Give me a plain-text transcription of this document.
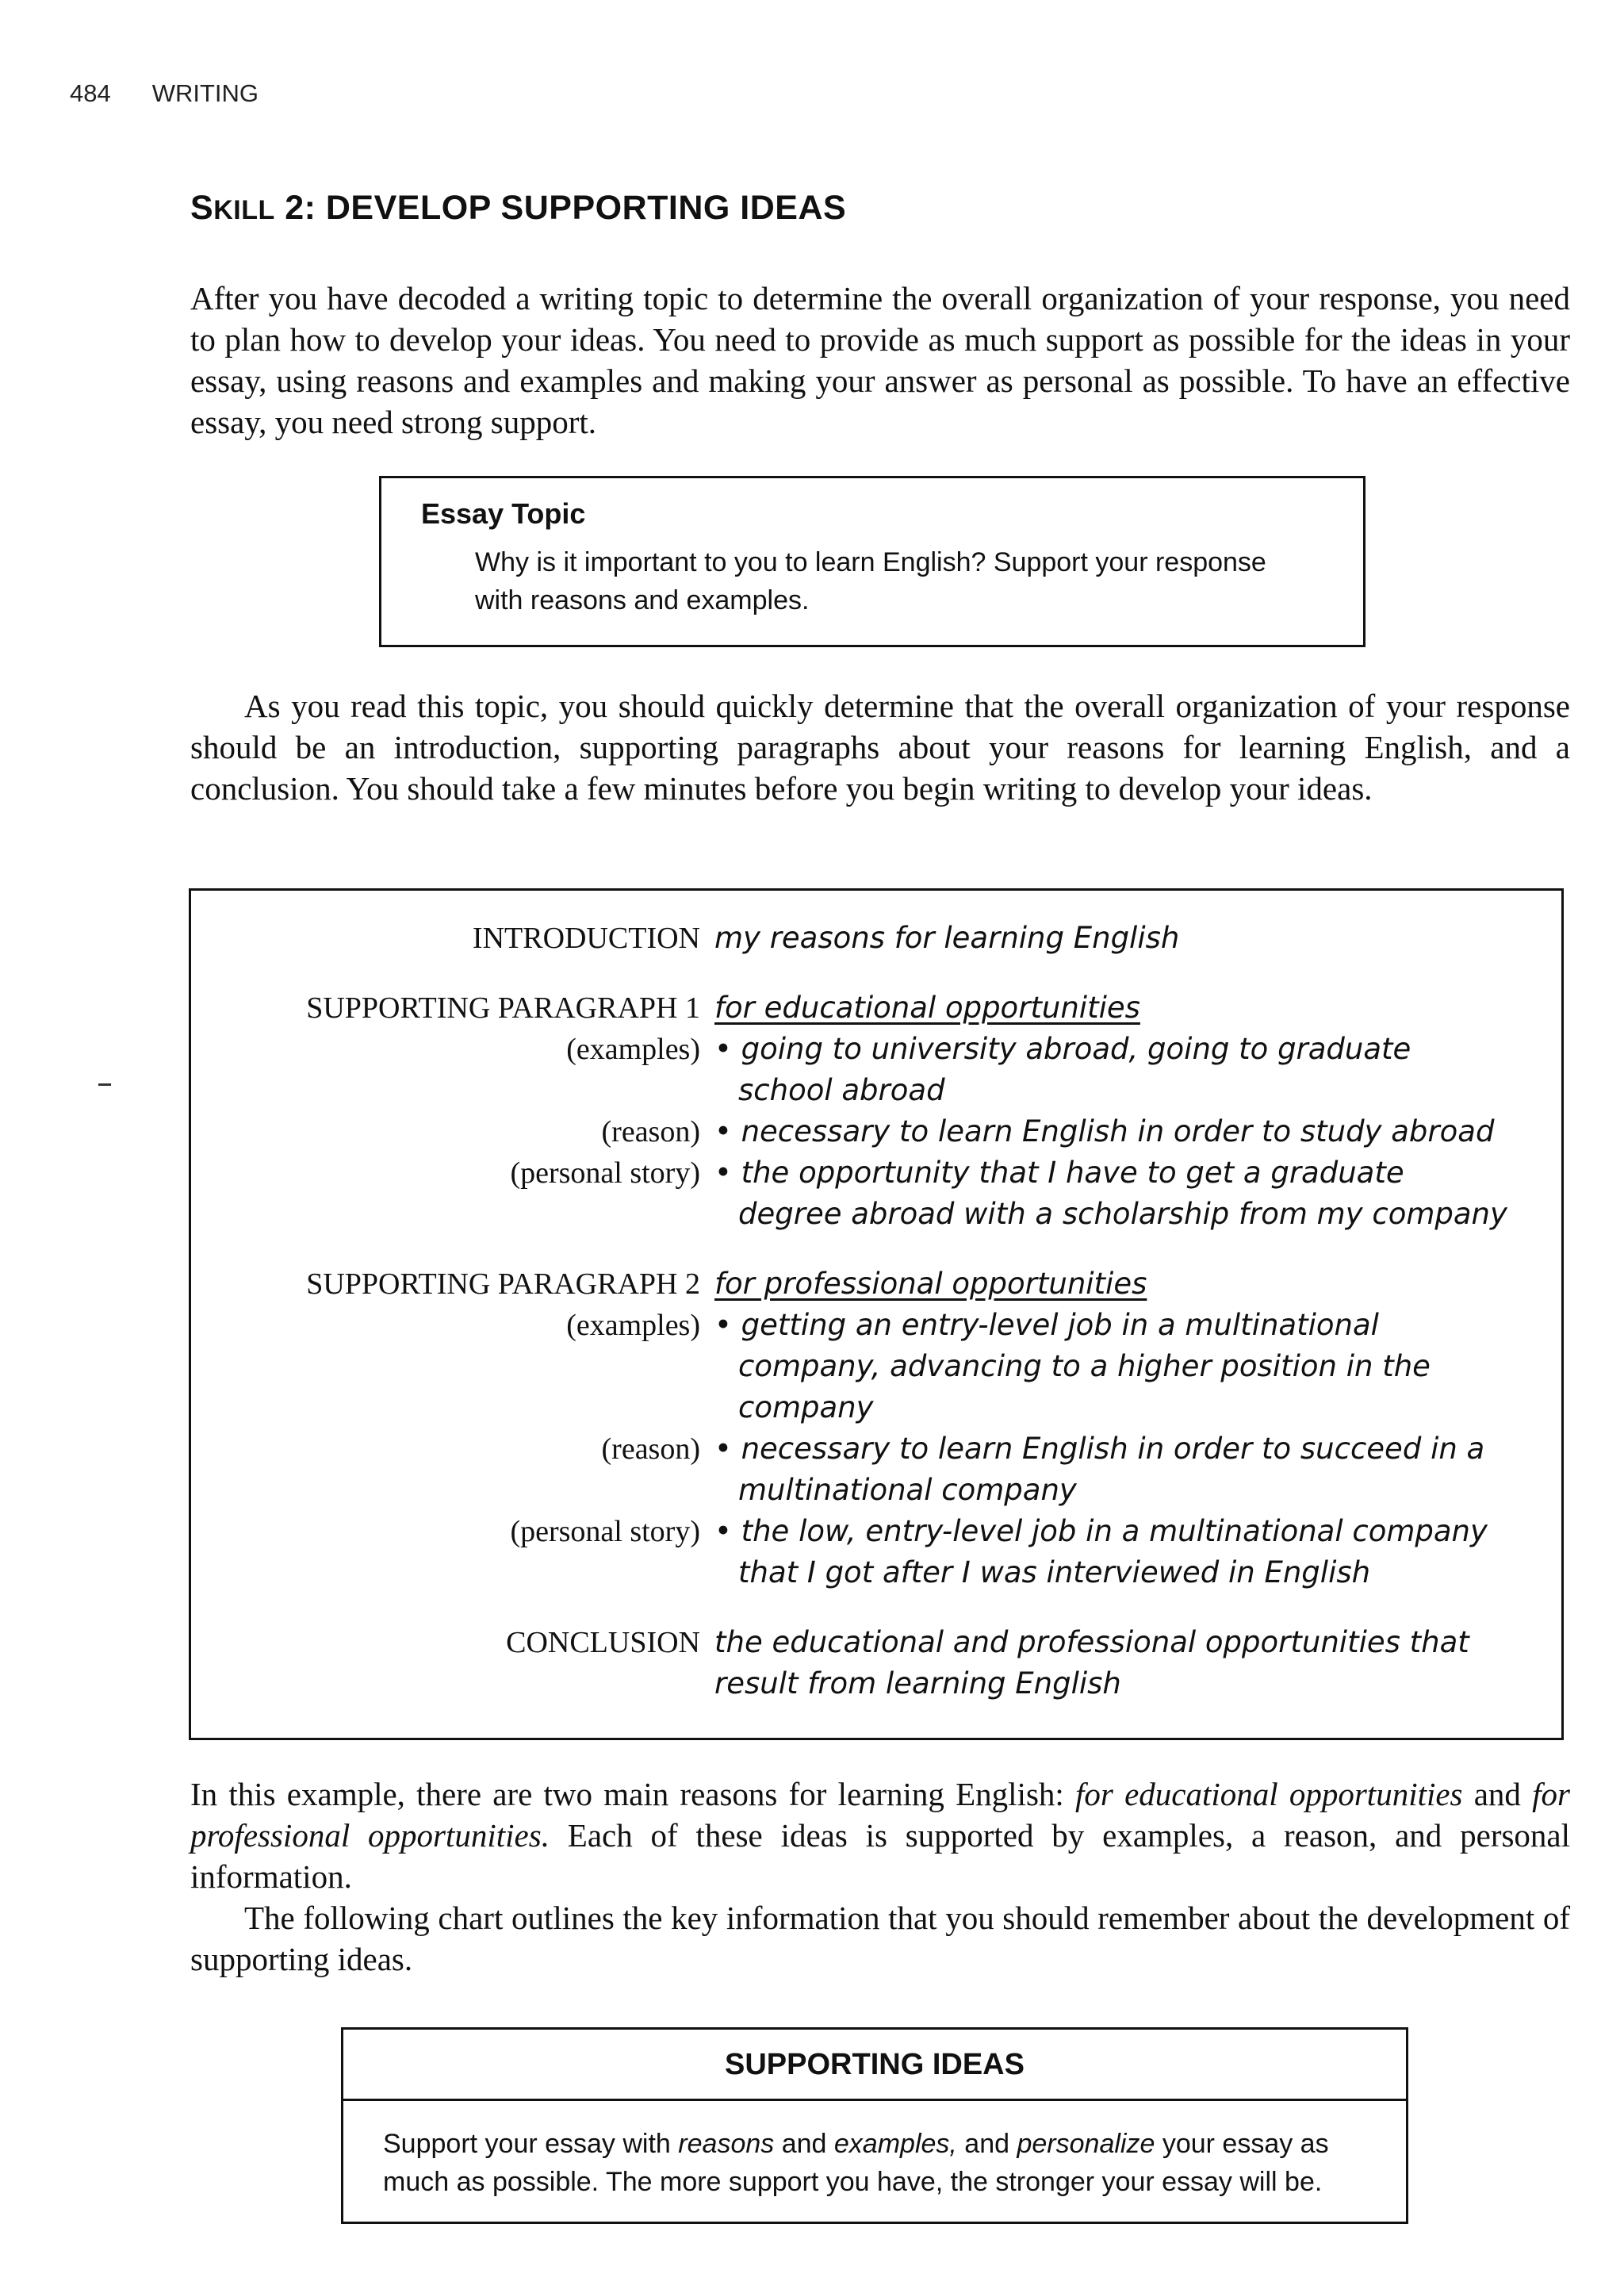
484 WRITING
SKILL 2: DEVELOP SUPPORTING IDEAS

After you have decoded a writing topic to determine the overall organization of your response, you need to plan how to develop your ideas. You need to provide as much support as possible for the ideas in your essay, using reasons and examples and making your answer as personal as possible. To have an effective essay, you need strong support.

Essay Topic
Why is it important to you to learn English? Support your response with reasons and examples.

As you read this topic, you should quickly determine that the overall organization of your response should be an introduction, supporting paragraphs about your reasons for learning English, and a conclusion. You should take a few minutes before you begin writing to develop your ideas.

INTRODUCTION my reasons for learning English
SUPPORTING PARAGRAPH 1 for educational opportunities
(examples) • going to university abroad, going to graduate
school abroad
(reason) • necessary to learn English in order to study abroad
(personal story) • the opportunity that I have to get a graduate
degree abroad with a scholarship from my company
SUPPORTING PARAGRAPH 2 for professional opportunities
(examples) • getting an entry-level job in a multinational
company, advancing to a higher position in the
company
(reason) • necessary to learn English in order to succeed in a
multinational company
(personal story) • the low, entry-level job in a multinational company
that I got after I was interviewed in English
CONCLUSION the educational and professional opportunities that
result from learning English

In this example, there are two main reasons for learning English: for educational opportunities and for professional opportunities. Each of these ideas is supported by examples, a reason, and personal information.

The following chart outlines the key information that you should remember about the development of supporting ideas.

SUPPORTING IDEAS
Support your essay with reasons and examples, and personalize your essay as much as possible. The more support you have, the stronger your essay will be.
